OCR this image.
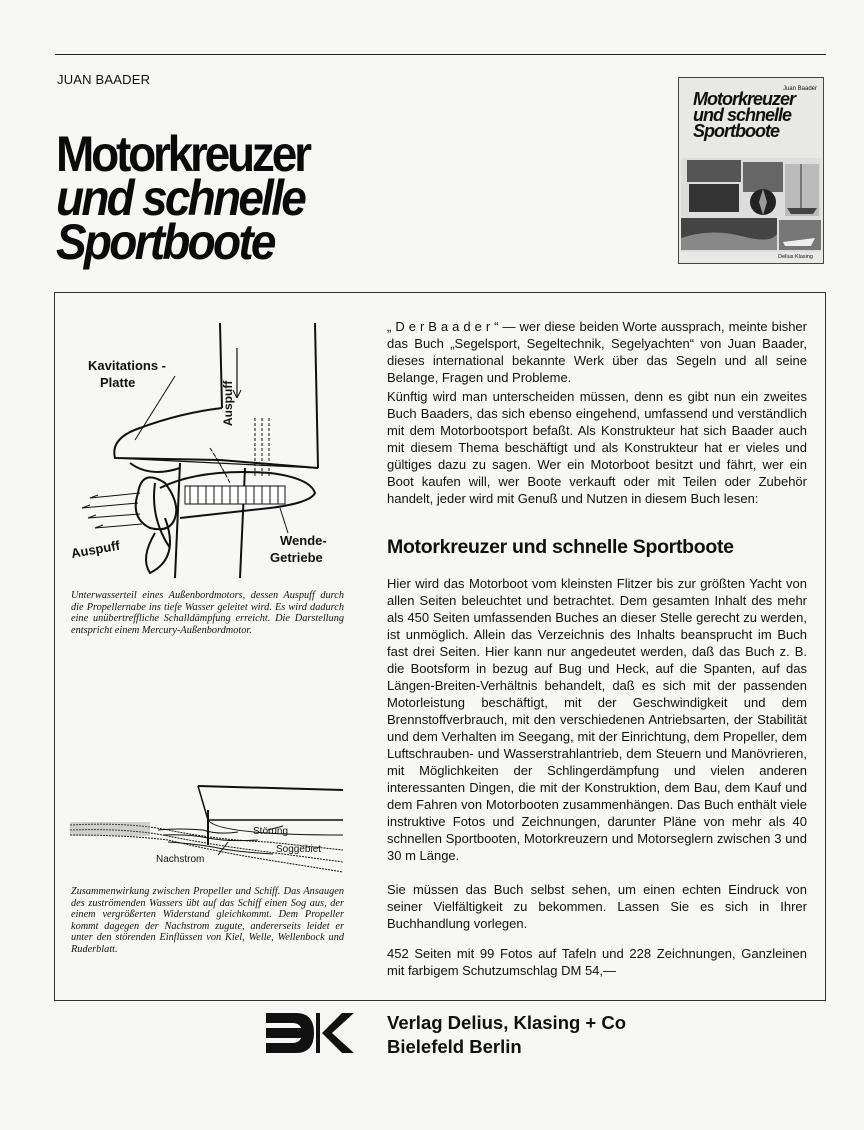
JUAN BAADER
Motorkreuzer
und schnelle
Sportboote
Juan Baader
Motorkreuzer
und schnelle
Sportboote
Delius Klasing
Kavitations -
Platte	Auspuff
Auspuff	Wende-
Getriebe
Unterwasserteil eines Außenbordmotors, dessen Auspuff durch die Propellernabe ins tiefe Wasser geleitet wird. Es wird dadurch eine unübertreffliche Schalldämpfung erreicht. Die Darstellung entspricht einem Mercury-Außenbordmotor.
Störung
Soggebiet
Nachstrom
Zusammenwirkung zwischen Propeller und Schiff. Das Ansaugen des zuströmenden Wassers übt auf das Schiff einen Sog aus, der einem vergrößerten Widerstand gleichkommt. Dem Propeller kommt dagegen der Nachstrom zugute, andererseits leidet er unter den störenden Einflüssen von Kiel, Welle, Wellenbock und Ruderblatt.
„ D e r B a a d e r “ — wer diese beiden Worte aussprach, meinte bisher das Buch „Segelsport, Segeltechnik, Segelyachten“ von Juan Baader, dieses international bekannte Werk über das Segeln und all seine Belange, Fragen und Probleme.
Künftig wird man unterscheiden müssen, denn es gibt nun ein zweites Buch Baaders, das sich ebenso eingehend, umfassend und verständlich mit dem Motorbootsport befaßt. Als Konstrukteur hat sich Baader auch mit diesem Thema beschäftigt und als Konstrukteur hat er vieles und gültiges dazu zu sagen. Wer ein Motorboot besitzt und fährt, wer ein Boot kaufen will, wer Boote verkauft oder mit Teilen oder Zubehör handelt, jeder wird mit Genuß und Nutzen in diesem Buch lesen:
Motorkreuzer und schnelle Sportboote
Hier wird das Motorboot vom kleinsten Flitzer bis zur größten Yacht von allen Seiten beleuchtet und betrachtet. Dem gesamten Inhalt des mehr als 450 Seiten umfassenden Buches an dieser Stelle gerecht zu werden, ist unmöglich. Allein das Verzeichnis des Inhalts beansprucht im Buch fast drei Seiten. Hier kann nur angedeutet werden, daß das Buch z. B. die Bootsform in bezug auf Bug und Heck, auf die Spanten, auf das Längen-Breiten-Verhältnis behandelt, daß es sich mit der passenden Motorleistung beschäftigt, mit der Geschwindigkeit und dem Brennstoffverbrauch, mit den verschiedenen Antriebsarten, der Stabilität und dem Verhalten im Seegang, mit der Einrichtung, dem Propeller, dem Luftschrauben- und Wasserstrahlantrieb, dem Steuern und Manövrieren, mit Möglichkeiten der Schlingerdämpfung und vielen anderen interessanten Dingen, die mit der Konstruktion, dem Bau, dem Kauf und dem Fahren von Motorbooten zusammenhängen. Das Buch enthält viele instruktive Fotos und Zeichnungen, darunter Pläne von mehr als 40 schnellen Sportbooten, Motorkreuzern und Motorseglern zwischen 3 und 30 m Länge.
Sie müssen das Buch selbst sehen, um einen echten Eindruck von seiner Vielfältigkeit zu bekommen. Lassen Sie es sich in Ihrer Buchhandlung vorlegen.
452 Seiten mit 99 Fotos auf Tafeln und 228 Zeichnungen, Ganzleinen mit farbigem Schutzumschlag DM 54,—
Verlag Delius, Klasing + Co
Bielefeld Berlin
